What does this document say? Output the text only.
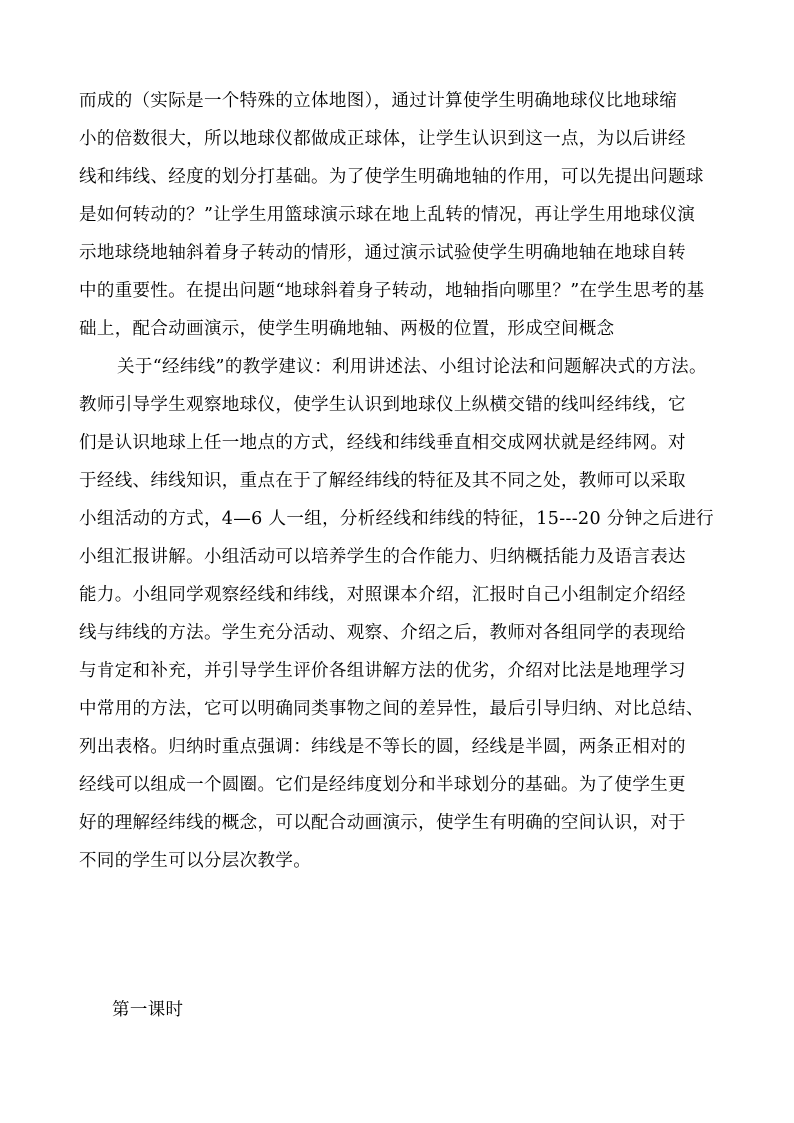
而成的（实际是一个特殊的立体地图），通过计算使学生明确地球仪比地球缩
小的倍数很大，所以地球仪都做成正球体，让学生认识到这一点，为以后讲经
线和纬线、经度的划分打基础。为了使学生明确地轴的作用，可以先提出问题球
是如何转动的？”让学生用篮球演示球在地上乱转的情况，再让学生用地球仪演
示地球绕地轴斜着身子转动的情形，通过演示试验使学生明确地轴在地球自转
中的重要性。在提出问题“地球斜着身子转动，地轴指向哪里？”在学生思考的基
础上，配合动画演示，使学生明确地轴、两极的位置，形成空间概念
关于“经纬线”的教学建议：利用讲述法、小组讨论法和问题解决式的方法。
教师引导学生观察地球仪，使学生认识到地球仪上纵横交错的线叫经纬线，它
们是认识地球上任一地点的方式，经线和纬线垂直相交成网状就是经纬网。对
于经线、纬线知识，重点在于了解经纬线的特征及其不同之处，教师可以采取
小组活动的方式，4—6 人一组，分析经线和纬线的特征，15---20 分钟之后进行
小组汇报讲解。小组活动可以培养学生的合作能力、归纳概括能力及语言表达
能力。小组同学观察经线和纬线，对照课本介绍，汇报时自己小组制定介绍经
线与纬线的方法。学生充分活动、观察、介绍之后，教师对各组同学的表现给
与肯定和补充，并引导学生评价各组讲解方法的优劣，介绍对比法是地理学习
中常用的方法，它可以明确同类事物之间的差异性，最后引导归纳、对比总结、
列出表格。归纳时重点强调：纬线是不等长的圆，经线是半圆，两条正相对的
经线可以组成一个圆圈。它们是经纬度划分和半球划分的基础。为了使学生更
好的理解经纬线的概念，可以配合动画演示，使学生有明确的空间认识，对于
不同的学生可以分层次教学。
第一课时
